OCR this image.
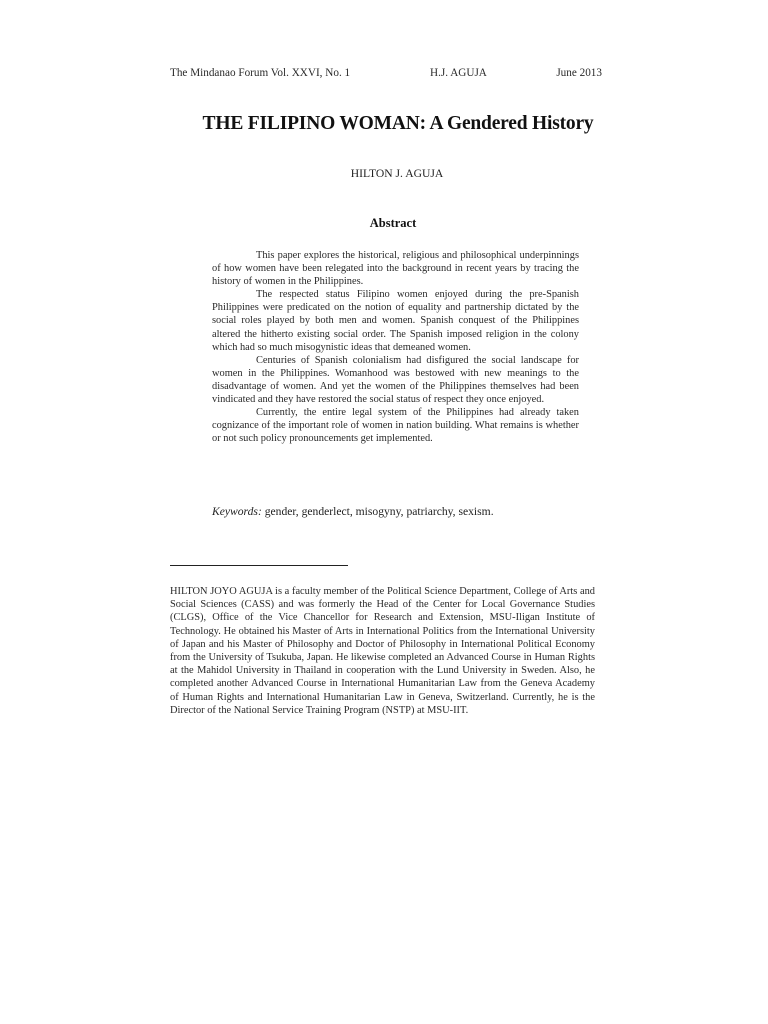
The Mindanao Forum Vol. XXVI, No. 1	H.J. AGUJA	June 2013
THE FILIPINO WOMAN: A Gendered History
HILTON J. AGUJA
Abstract

This paper explores the historical, religious and philosophical underpinnings of how women have been relegated into the background in recent years by tracing the history of women in the Philippines.

The respected status Filipino women enjoyed during the pre-Spanish Philippines were predicated on the notion of equality and partnership dictated by the social roles played by both men and women. Spanish conquest of the Philippines altered the hitherto existing social order. The Spanish imposed religion in the colony which had so much misogynistic ideas that demeaned women.

Centuries of Spanish colonialism had disfigured the social landscape for women in the Philippines. Womanhood was bestowed with new meanings to the disadvantage of women. And yet the women of the Philippines themselves had been vindicated and they have restored the social status of respect they once enjoyed.

Currently, the entire legal system of the Philippines had already taken cognizance of the important role of women in nation building. What remains is whether or not such policy pronouncements get implemented.

Keywords: gender, genderlect, misogyny, patriarchy, sexism.

HILTON JOYO AGUJA is a faculty member of the Political Science Department, College of Arts and Social Sciences (CASS) and was formerly the Head of the Center for Local Governance Studies (CLGS), Office of the Vice Chancellor for Research and Extension, MSU-Iligan Institute of Technology. He obtained his Master of Arts in International Politics from the International University of Japan and his Master of Philosophy and Doctor of Philosophy in International Political Economy from the University of Tsukuba, Japan. He likewise completed an Advanced Course in Human Rights at the Mahidol University in Thailand in cooperation with the Lund University in Sweden. Also, he completed another Advanced Course in International Humanitarian Law from the Geneva Academy of Human Rights and International Humanitarian Law in Geneva, Switzerland. Currently, he is the Director of the National Service Training Program (NSTP) at MSU-IIT.
